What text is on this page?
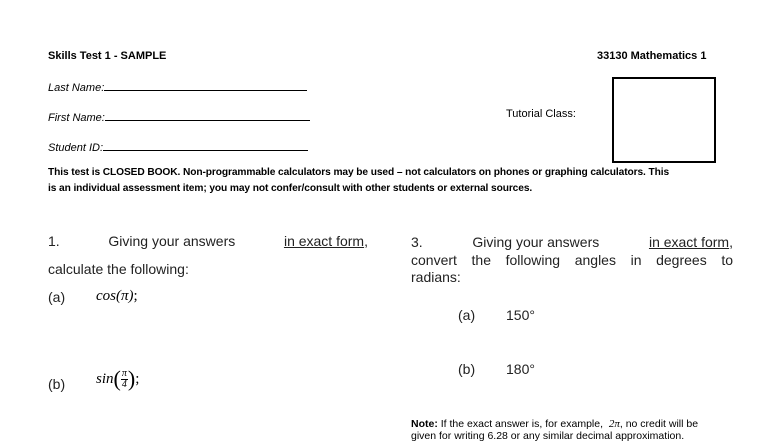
Skills Test 1 - SAMPLE	33130 Mathematics 1
Last Name:
First Name:
Student ID:
Tutorial Class:
This test is CLOSED BOOK. Non-programmable calculators may be used – not calculators on phones or graphing calculators. This
is an individual assessment item; you may not confer/consult with other students or external sources.
1.	Giving your answers	in exact form,
calculate the following:
(a) cos(π);
(b) sin ( $\frac{\pi}{4}$ ) ;
3.	Giving your answers	in exact form,
convert the following angles in degrees to
radians:
(a) 150°
(b) 180°
Note: If the exact answer is, for example,  2π, no credit will be
given for writing 6.28 or any similar decimal approximation.
